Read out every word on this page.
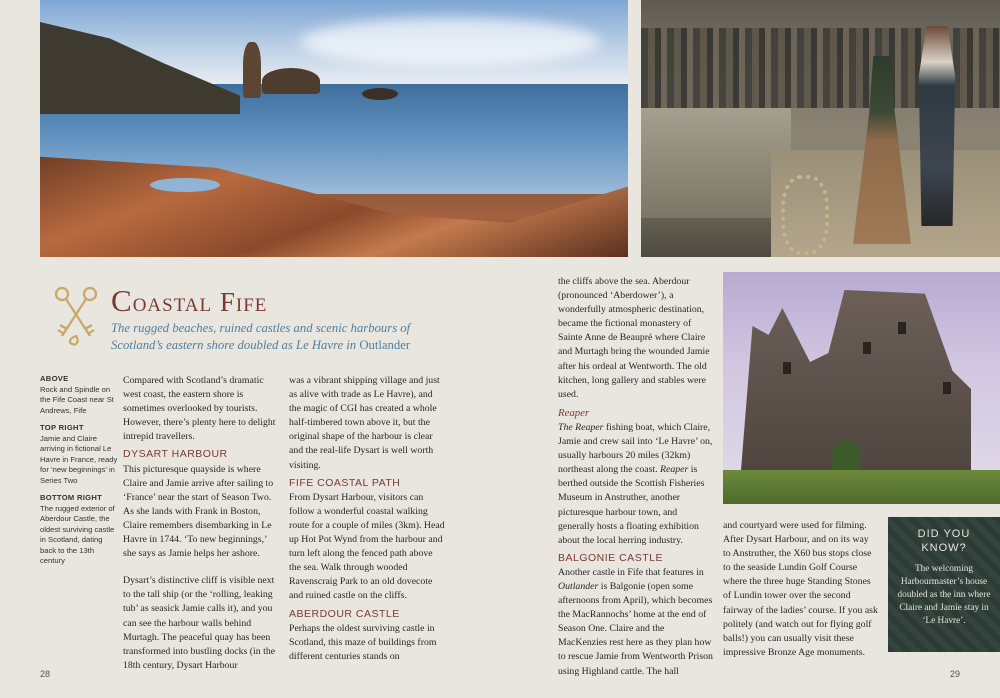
Coastal Fife
The rugged beaches, ruined castles and scenic harbours of Scotland’s eastern shore doubled as Le Havre in Outlander
ABOVE
Rock and Spindle on the Fife Coast near St Andrews, Fife
TOP RIGHT
Jamie and Claire arriving in fictional Le Havre in France, ready for ‘new beginnings’ in Series Two
BOTTOM RIGHT
The rugged exterior of Aberdour Castle, the oldest surviving castle in Scotland, dating back to the 13th century

Compared with Scotland’s dramatic west coast, the eastern shore is sometimes overlooked by tourists. However, there’s plenty here to delight intrepid travellers.

DYSART HARBOUR

This picturesque quayside is where Claire and Jamie arrive after sailing to ‘France’ near the start of Season Two. As she lands with Frank in Boston, Claire remembers disembarking in Le Havre in 1744. ‘To new beginnings,’ she says as Jamie helps her ashore.

Dysart’s distinctive cliff is visible next to the tall ship (or the ‘rolling, leaking tub’ as seasick Jamie calls it), and you can see the harbour walls behind Murtagh. The peaceful quay has been transformed into bustling docks (in the 18th century, Dysart Harbour

was a vibrant shipping village and just as alive with trade as Le Havre), and the magic of CGI has created a whole half-timbered town above it, but the original shape of the harbour is clear and the real-life Dysart is well worth visiting.

FIFE COASTAL PATH

From Dysart Harbour, visitors can follow a wonderful coastal walking route for a couple of miles (3km). Head up Hot Pot Wynd from the harbour and turn left along the fenced path above the sea. Walk through wooded Ravenscraig Park to an old dovecote and ruined castle on the cliffs.

ABERDOUR CASTLE

Perhaps the oldest surviving castle in Scotland, this maze of buildings from different centuries stands on

the cliffs above the sea. Aberdour (pronounced ‘Aberdower’), a wonderfully atmospheric destination, became the fictional monastery of Sainte Anne de Beaupré where Claire and Murtagh bring the wounded Jamie after his ordeal at Wentworth. The old kitchen, long gallery and stables were used.

Reaper

The Reaper fishing boat, which Claire, Jamie and crew sail into ‘Le Havre’ on, usually harbours 20 miles (32km) northeast along the coast. Reaper is berthed outside the Scottish Fisheries Museum in Anstruther, another picturesque harbour town, and generally hosts a floating exhibition about the local herring industry.

BALGONIE CASTLE

Another castle in Fife that features in Outlander is Balgonie (open some afternoons from April), which becomes the MacRannochs’ home at the end of Season One. Claire and the MacKenzies rest here as they plan how to rescue Jamie from Wentworth Prison using Highland cattle. The hall

and courtyard were used for filming. After Dysart Harbour, and on its way to Anstruther, the X60 bus stops close to the seaside Lundin Golf Course where the three huge Standing Stones of Lundin tower over the second fairway of the ladies’ course. If you ask politely (and watch out for flying golf balls!) you can usually visit these impressive Bronze Age monuments.

DID YOU
KNOW?
The welcoming Harbourmaster’s house doubled as the inn where Claire and Jamie stay in ‘Le Havre’.
28	29
